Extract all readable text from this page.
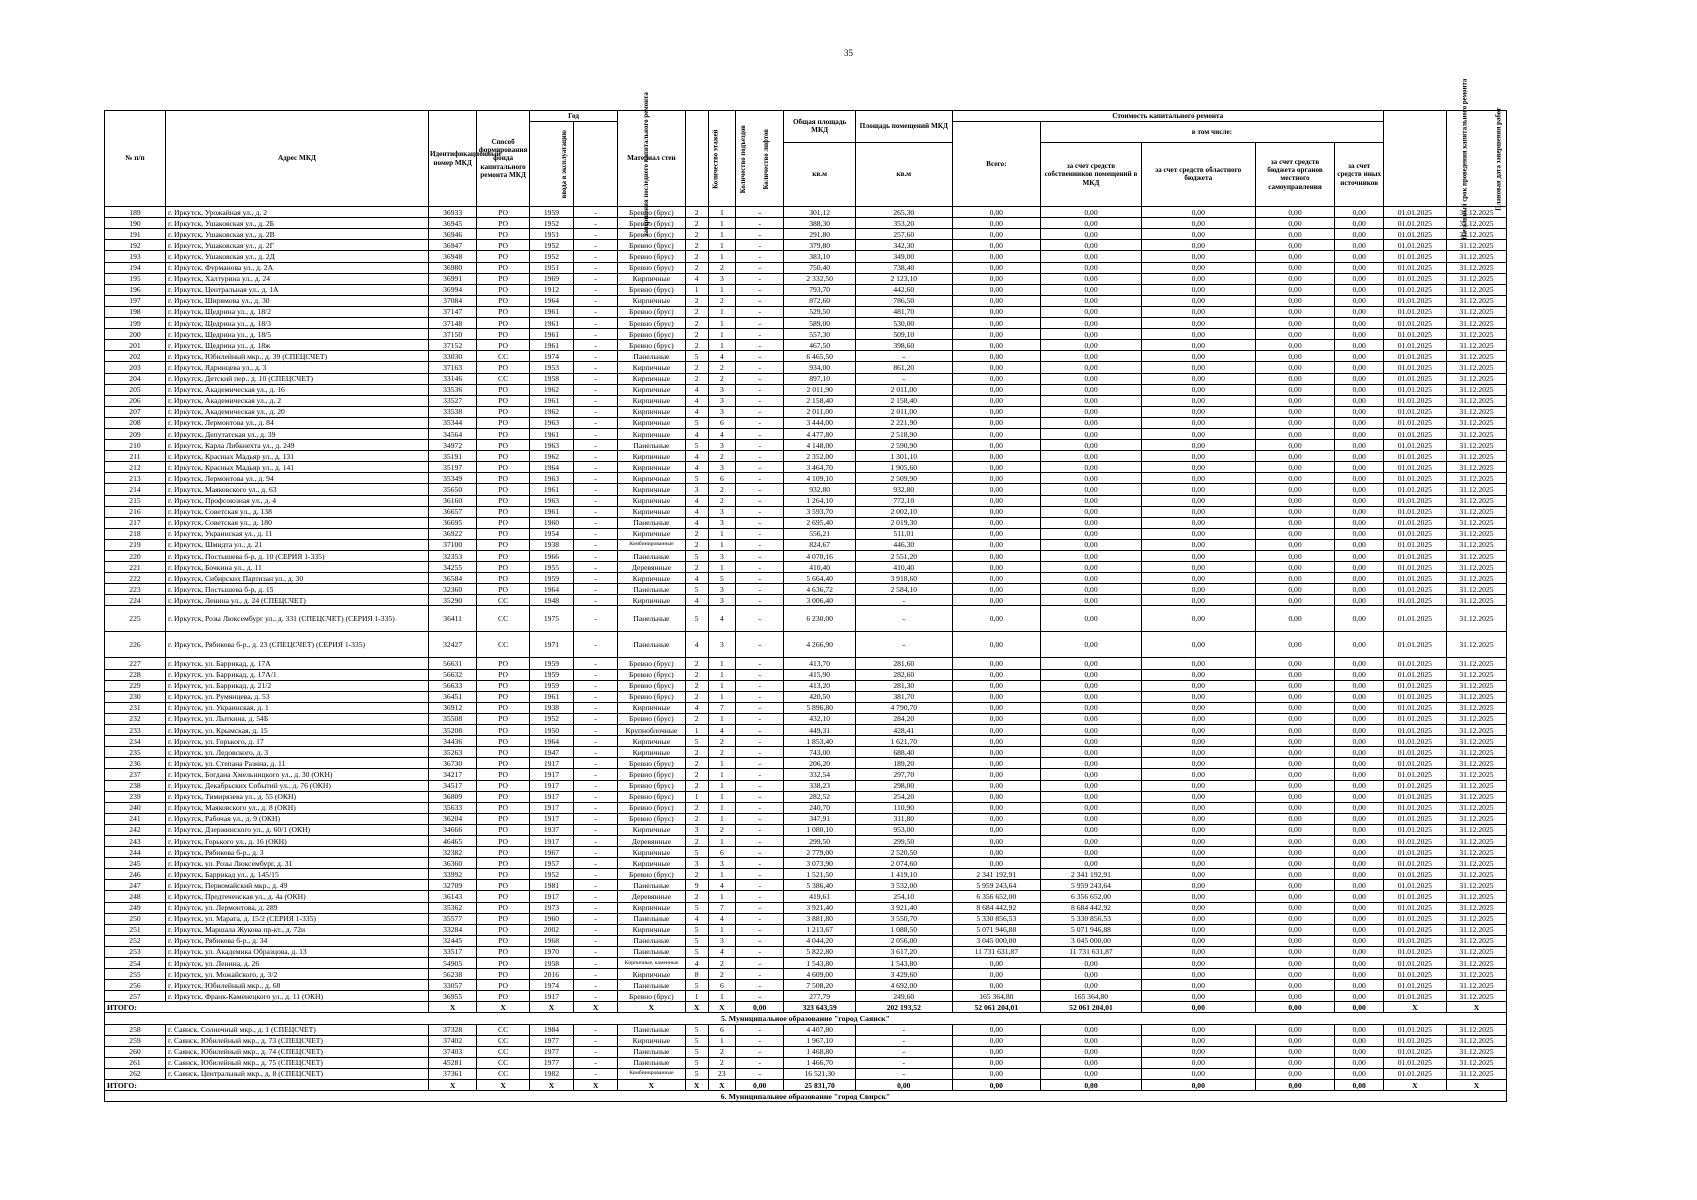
35
№ п/п	Адрес МКД	Идентификационный номер МКД	Способ формирования фонда капитального ремонта МКД	Год		Материал стен	Количество этажей	Количество подъездов	Количество лифтов	Общая площадь МКД	Площадь помещений МКД	Стоимость капитального ремонта					Начальный срок проведения капитального ремонта	Плановая дата завершения работ
				ввода в эксплуатацию	завершения последнего капитального ремонта							Всего:	в том числе:					
										кв.м	кв.м		за счет средств собственников помещений в МКД	за счет средств областного бюджета	за счет средств бюджета органов местного самоуправления	за счет средств иных источников		
189	г. Иркутск, Урожайная ул., д. 2	36933	РО	1959	-	Бревно (брус)	2	1	-	301,12	265,30	0,00	0,00	0,00	0,00	0,00	01.01.2025	31.12.2025
190	г. Иркутск, Ушаковская ул., д. 2Б	36945	РО	1952	-	Бревно (брус)	2	1	-	388,30	353,20	0,00	0,00	0,00	0,00	0,00	01.01.2025	31.12.2025
191	г. Иркутск, Ушаковская ул., д. 2В	36946	РО	1951	-	Бревно (брус)	2	1	-	291,80	257,60	0,00	0,00	0,00	0,00	0,00	01.01.2025	31.12.2025
192	г. Иркутск, Ушаковская ул., д. 2Г	36947	РО	1952	-	Бревно (брус)	2	1	-	379,80	342,30	0,00	0,00	0,00	0,00	0,00	01.01.2025	31.12.2025
193	г. Иркутск, Ушаковская ул., д. 2Д	36948	РО	1952	-	Бревно (брус)	2	1	-	383,10	349,00	0,00	0,00	0,00	0,00	0,00	01.01.2025	31.12.2025
194	г. Иркутск, Фурманова ул., д. 2А	36980	РО	1951	-	Бревно (брус)	2	2	-	750,40	738,40	0,00	0,00	0,00	0,00	0,00	01.01.2025	31.12.2025
195	г. Иркутск, Халтурина ул., д. 24	36991	РО	1969	-	Кирпичные	4	3	-	2 332,50	2 123,10	0,00	0,00	0,00	0,00	0,00	01.01.2025	31.12.2025
196	г. Иркутск, Центральная ул., д. 1А	36994	РО	1912	-	Бревно (брус)	1	1	-	793,70	442,60	0,00	0,00	0,00	0,00	0,00	01.01.2025	31.12.2025
197	г. Иркутск, Ширямова ул., д. 30	37084	РО	1964	-	Кирпичные	2	2	-	872,60	786,50	0,00	0,00	0,00	0,00	0,00	01.01.2025	31.12.2025
198	г. Иркутск, Щедрина ул., д. 18/2	37147	РО	1961	-	Бревно (брус)	2	1	-	529,50	481,70	0,00	0,00	0,00	0,00	0,00	01.01.2025	31.12.2025
199	г. Иркутск, Щедрина ул., д. 18/3	37148	РО	1961	-	Бревно (брус)	2	1	-	589,00	530,00	0,00	0,00	0,00	0,00	0,00	01.01.2025	31.12.2025
200	г. Иркутск, Щедрина ул., д. 18/5	37150	РО	1961	-	Бревно (брус)	2	1	-	557,30	509,10	0,00	0,00	0,00	0,00	0,00	01.01.2025	31.12.2025
201	г. Иркутск, Щедрина ул., д. 18ж	37152	РО	1961	-	Бревно (брус)	2	1	-	467,50	398,60	0,00	0,00	0,00	0,00	0,00	01.01.2025	31.12.2025
202	г. Иркутск, Юбилейный мкр., д. 39 (СПЕЦСЧЕТ)	33030	СС	1974	-	Панельные	5	4	-	6 465,50	-	0,00	0,00	0,00	0,00	0,00	01.01.2025	31.12.2025
203	г. Иркутск, Ядринцева ул., д. 3	37163	РО	1953	-	Кирпичные	2	2	-	934,00	861,20	0,00	0,00	0,00	0,00	0,00	01.01.2025	31.12.2025
204	г. Иркутск, Детский пер., д. 10 (СПЕЦСЧЕТ)	33146	СС	1958	-	Кирпичные	2	2	-	897,10	-	0,00	0,00	0,00	0,00	0,00	01.01.2025	31.12.2025
205	г. Иркутск, Академическая ул., д. 16	33536	РО	1962	-	Кирпичные	4	3	-	2 011,90	2 011,00	0,00	0,00	0,00	0,00	0,00	01.01.2025	31.12.2025
206	г. Иркутск, Академическая ул., д. 2	33527	РО	1961	-	Кирпичные	4	3	-	2 158,40	2 158,40	0,00	0,00	0,00	0,00	0,00	01.01.2025	31.12.2025
207	г. Иркутск, Академическая ул., д. 20	33538	РО	1962	-	Кирпичные	4	3	-	2 011,00	2 011,00	0,00	0,00	0,00	0,00	0,00	01.01.2025	31.12.2025
208	г. Иркутск, Лермонтова ул., д. 84	35344	РО	1963	-	Кирпичные	5	6	-	3 444,00	2 221,90	0,00	0,00	0,00	0,00	0,00	01.01.2025	31.12.2025
209	г. Иркутск, Депутатская ул., д. 39	34564	РО	1961	-	Кирпичные	4	4	-	4 477,80	2 518,90	0,00	0,00	0,00	0,00	0,00	01.01.2025	31.12.2025
210	г. Иркутск, Карла Либкнехта ул., д. 249	34972	РО	1963	-	Панельные	5	3	-	4 148,00	2 590,90	0,00	0,00	0,00	0,00	0,00	01.01.2025	31.12.2025
211	г. Иркутск, Красных Мадьяр ул., д. 131	35191	РО	1962	-	Кирпичные	4	2	-	2 352,00	1 301,10	0,00	0,00	0,00	0,00	0,00	01.01.2025	31.12.2025
212	г. Иркутск, Красных Мадьяр ул., д. 141	35197	РО	1964	-	Кирпичные	4	3	-	3 464,70	1 905,60	0,00	0,00	0,00	0,00	0,00	01.01.2025	31.12.2025
213	г. Иркутск, Лермонтова ул., д. 94	35349	РО	1963	-	Кирпичные	5	6	-	4 109,10	2 509,90	0,00	0,00	0,00	0,00	0,00	01.01.2025	31.12.2025
214	г. Иркутск, Маяковского ул., д. 63	35650	РО	1961	-	Кирпичные	3	2	-	932,80	932,80	0,00	0,00	0,00	0,00	0,00	01.01.2025	31.12.2025
215	г. Иркутск, Профсоюзная ул., д. 4	36160	РО	1963	-	Кирпичные	4	2	-	1 264,10	772,10	0,00	0,00	0,00	0,00	0,00	01.01.2025	31.12.2025
216	г. Иркутск, Советская ул., д. 138	36657	РО	1961	-	Кирпичные	4	3	-	3 593,70	2 002,10	0,00	0,00	0,00	0,00	0,00	01.01.2025	31.12.2025
217	г. Иркутск, Советская ул., д. 180	36695	РО	1960	-	Панельные	4	3	-	2 695,40	2 019,30	0,00	0,00	0,00	0,00	0,00	01.01.2025	31.12.2025
218	г. Иркутск, Украинская ул., д. 11	36922	РО	1954	-	Кирпичные	2	1	-	556,21	511,01	0,00	0,00	0,00	0,00	0,00	01.01.2025	31.12.2025
219	г. Иркутск, Шмидта ул., д. 21	37100	РО	1938	-	Комбинированные	2	1	-	824,67	446,30	0,00	0,00	0,00	0,00	0,00	01.01.2025	31.12.2025
220	г. Иркутск, Постышева б-р, д. 10 (СЕРИЯ 1-335)	32353	РО	1966	-	Панельные	5	3	-	4 070,16	2 551,20	0,00	0,00	0,00	0,00	0,00	01.01.2025	31.12.2025
221	г. Иркутск, Бочкина ул., д. 11	34255	РО	1955	-	Деревянные	2	1	-	410,40	410,40	0,00	0,00	0,00	0,00	0,00	01.01.2025	31.12.2025
222	г. Иркутск, Сибирских Партизан ул., д. 30	36584	РО	1959	-	Кирпичные	4	5	-	5 664,40	3 918,60	0,00	0,00	0,00	0,00	0,00	01.01.2025	31.12.2025
223	г. Иркутск, Постышева б-р, д. 15	32360	РО	1964	-	Панельные	5	3	-	4 636,72	2 584,10	0,00	0,00	0,00	0,00	0,00	01.01.2025	31.12.2025
224	г. Иркутск, Ленина ул., д. 24 (СПЕЦСЧЕТ)	35290	СС	1948	-	Кирпичные	4	3	-	3 006,40	-	0,00	0,00	0,00	0,00	0,00	01.01.2025	31.12.2025
225	г. Иркутск, Розы Люксембург ул., д. 331 (СПЕЦСЧЕТ) (СЕРИЯ 1-335)	36411	СС	1975	-	Панельные	5	4	-	6 230,00	-	0,00	0,00	0,00	0,00	0,00	01.01.2025	31.12.2025
226	г. Иркутск, Рябикова б-р., д. 23 (СПЕЦСЧЕТ) (СЕРИЯ 1-335)	32427	СС	1971	-	Панельные	4	3	-	4 266,90	-	0,00	0,00	0,00	0,00	0,00	01.01.2025	31.12.2025
227	г. Иркутск, ул. Баррикад, д. 17А	56631	РО	1959	-	Бревно (брус)	2	1	-	413,70	281,60	0,00	0,00	0,00	0,00	0,00	01.01.2025	31.12.2025
228	г. Иркутск, ул. Баррикад, д. 17А/1	56632	РО	1959	-	Бревно (брус)	2	1	-	415,90	282,60	0,00	0,00	0,00	0,00	0,00	01.01.2025	31.12.2025
229	г. Иркутск, ул. Баррикад, д. 21/2	56633	РО	1959	-	Бревно (брус)	2	1	-	413,20	281,30	0,00	0,00	0,00	0,00	0,00	01.01.2025	31.12.2025
230	г. Иркутск, ул. Румянцева, д. 53	36451	РО	1961	-	Бревно (брус)	2	1	-	420,50	381,70	0,00	0,00	0,00	0,00	0,00	01.01.2025	31.12.2025
231	г. Иркутск, ул. Украинская, д. 1	36912	РО	1938	-	Кирпичные	4	7	-	5 896,80	4 790,70	0,00	0,00	0,00	0,00	0,00	01.01.2025	31.12.2025
232	г. Иркутск, ул. Лыткина, д. 54Б	35508	РО	1952	-	Бревно (брус)	2	1	-	432,10	284,20	0,00	0,00	0,00	0,00	0,00	01.01.2025	31.12.2025
233	г. Иркутск, ул. Крымская, д. 15	35208	РО	1950	-	Крупноблочные	1	4	-	449,31	428,41	0,00	0,00	0,00	0,00	0,00	01.01.2025	31.12.2025
234	г. Иркутск, ул. Горького, д. 17	34436	РО	1964	-	Кирпичные	5	2	-	1 853,40	1 621,70	0,00	0,00	0,00	0,00	0,00	01.01.2025	31.12.2025
235	г. Иркутск, ул. Ледовского, д. 3	35263	РО	1947	-	Кирпичные	2	2	-	743,00	688,40	0,00	0,00	0,00	0,00	0,00	01.01.2025	31.12.2025
236	г. Иркутск, ул. Степана Разина, д. 11	36730	РО	1917	-	Бревно (брус)	2	1	-	206,20	189,20	0,00	0,00	0,00	0,00	0,00	01.01.2025	31.12.2025
237	г. Иркутск, Богдана Хмельницкого ул., д. 30 (ОКН)	34217	РО	1917	-	Бревно (брус)	2	1	-	332,54	297,70	0,00	0,00	0,00	0,00	0,00	01.01.2025	31.12.2025
238	г. Иркутск, Декабрьских Событий ул., д. 76 (ОКН)	34517	РО	1917	-	Бревно (брус)	2	1	-	338,23	298,00	0,00	0,00	0,00	0,00	0,00	01.01.2025	31.12.2025
239	г. Иркутск, Тимирязева ул., д. 55 (ОКН)	36809	РО	1917	-	Бревно (брус)	1	1	-	282,52	254,20	0,00	0,00	0,00	0,00	0,00	01.01.2025	31.12.2025
240	г. Иркутск, Маяковского ул., д. 8 (ОКН)	35633	РО	1917	-	Бревно (брус)	2	1	-	240,70	110,90	0,00	0,00	0,00	0,00	0,00	01.01.2025	31.12.2025
241	г. Иркутск, Рабочая ул., д. 9 (ОКН)	36204	РО	1917	-	Бревно (брус)	2	1	-	347,91	311,80	0,00	0,00	0,00	0,00	0,00	01.01.2025	31.12.2025
242	г. Иркутск, Дзержинского ул., д. 60/1 (ОКН)	34666	РО	1937	-	Кирпичные	3	2	-	1 080,10	953,00	0,00	0,00	0,00	0,00	0,00	01.01.2025	31.12.2025
243	г. Иркутск, Горького ул., д. 16 (ОКН)	46465	РО	1917	-	Деревянные	2	1	-	299,50	299,50	0,00	0,00	0,00	0,00	0,00	01.01.2025	31.12.2025
244	г. Иркутск, Рябикова б-р., д. 3	32382	РО	1967	-	Кирпичные	5	6	-	2 779,00	2 520,50	0,00	0,00	0,00	0,00	0,00	01.01.2025	31.12.2025
245	г. Иркутск, ул. Розы Люксембург, д. 31	36360	РО	1957	-	Кирпичные	3	3	-	3 073,90	2 074,60	0,00	0,00	0,00	0,00	0,00	01.01.2025	31.12.2025
246	г. Иркутск, Баррикад ул., д. 145/15	33992	РО	1952	-	Бревно (брус)	2	1	-	1 521,50	1 419,10	2 341 192,91	2 341 192,91	0,00	0,00	0,00	01.01.2025	31.12.2025
247	г. Иркутск, Первомайский мкр., д. 49	32709	РО	1981	-	Панельные	9	4	-	5 386,40	3 532,00	5 959 243,64	5 959 243,64	0,00	0,00	0,00	01.01.2025	31.12.2025
248	г. Иркутск, Предтеченская ул., д. 4а (ОКН)	36143	РО	1917	-	Деревянные	2	1	-	419,61	254,10	6 356 652,00	6 356 652,00	0,00	0,00	0,00	01.01.2025	31.12.2025
249	г. Иркутск, ул. Лермонтова, д. 289	35362	РО	1973	-	Кирпичные	5	7	-	3 921,40	3 921,40	8 684 442,92	8 684 442,92	0,00	0,00	0,00	01.01.2025	31.12.2025
250	г. Иркутск, ул. Марата, д. 15/2 (СЕРИЯ 1-335)	35577	РО	1960	-	Панельные	4	4	-	3 881,80	3 550,70	5 330 856,53	5 330 856,53	0,00	0,00	0,00	01.01.2025	31.12.2025
251	г. Иркутск, Маршала Жукова пр-кт., д. 72и	33284	РО	2002	-	Кирпичные	5	1	-	1 213,67	1 088,50	5 071 946,88	5 071 946,88	0,00	0,00	0,00	01.01.2025	31.12.2025
252	г. Иркутск, Рябикова б-р., д. 34	32445	РО	1968	-	Панельные	5	3	-	4 044,20	2 056,00	3 045 000,00	3 045 000,00	0,00	0,00	0,00	01.01.2025	31.12.2025
253	г. Иркутск, ул. Академика Образцова, д. 13	33517	РО	1970	-	Панельные	5	4	-	5 822,80	3 617,20	11 731 631,87	11 731 631,87	0,00	0,00	0,00	01.01.2025	31.12.2025
254	г. Иркутск, ул. Ленина, д. 26	54905	РО	1958	-	Кирпичные, каменные	4	2	-	1 543,80	1 543,80	0,00	0,00	0,00	0,00	0,00	01.01.2025	31.12.2025
255	г. Иркутск, ул. Можайского, д. 3/2	56238	РО	2016	-	Кирпичные	8	2	-	4 609,00	3 429,60	0,00	0,00	0,00	0,00	0,00	01.01.2025	31.12.2025
256	г. Иркутск, Юбилейный мкр., д. 68	33057	РО	1974	-	Панельные	5	6	-	7 508,20	4 692,00	0,00	0,00	0,00	0,00	0,00	01.01.2025	31.12.2025
257	г. Иркутск, Франк-Каменецкого ул., д. 11 (ОКН)	36955	РО	1917	-	Бревно (брус)	1	1	-	277,79	249,60	165 364,80	165 364,80	0,00	0,00	0,00	01.01.2025	31.12.2025
ИТОГО:		X	X	X	X	X	X	X	0,00	323 643,59	202 193,52	52 061 204,01	52 061 204,01	0,00	0,00	0,00	X	X
5. Муниципальное образование "город Саянск"																		
258	г. Саянск, Солнечный мкр., д. 1 (СПЕЦСЧЕТ)	37328	СС	1984	-	Панельные	5	6	-	4 407,80	-	0,00	0,00	0,00	0,00	0,00	01.01.2025	31.12.2025
259	г. Саянск, Юбилейный мкр., д. 73 (СПЕЦСЧЕТ)	37402	СС	1977	-	Кирпичные	5	1	-	1 967,10	-	0,00	0,00	0,00	0,00	0,00	01.01.2025	31.12.2025
260	г. Саянск, Юбилейный мкр., д. 74 (СПЕЦСЧЕТ)	37403	СС	1977	-	Панельные	5	2	-	1 468,80	-	0,00	0,00	0,00	0,00	0,00	01.01.2025	31.12.2025
261	г. Саянск, Юбилейный мкр., д. 75 (СПЕЦСЧЕТ)	45281	СС	1977	-	Панельные	5	2	-	1 466,70	-	0,00	0,00	0,00	0,00	0,00	01.01.2025	31.12.2025
262	г. Саянск, Центральный мкр., д. 8 (СПЕЦСЧЕТ)	37361	СС	1982	-	Комбинированные	5	23	-	16 521,30	-	0,00	0,00	0,00	0,00	0,00	01.01.2025	31.12.2025
ИТОГО:		X	X	X	X	X	X	X	0,00	25 831,70	0,00	0,00	0,00	0,00	0,00	0,00	X	X
6. Муниципальное образование "город Свирск"																		
